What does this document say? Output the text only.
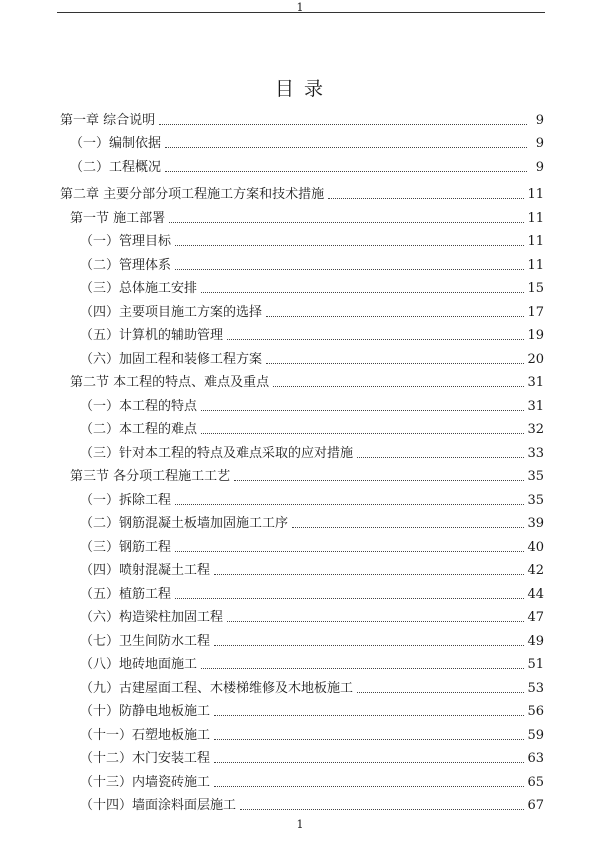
1
目 录
第一章 综合说明	9
（一）编制依据	9
（二）工程概况	9
第二章 主要分部分项工程施工方案和技术措施	11
第一节 施工部署	11
（一）管理目标	11
（二）管理体系	11
（三）总体施工安排	15
（四）主要项目施工方案的选择	17
（五）计算机的辅助管理	19
（六）加固工程和装修工程方案	20
第二节 本工程的特点、难点及重点	31
（一）本工程的特点	31
（二）本工程的难点	32
（三）针对本工程的特点及难点采取的应对措施	33
第三节 各分项工程施工工艺	35
（一）拆除工程	35
（二）钢筋混凝土板墙加固施工工序	39
（三）钢筋工程	40
（四）喷射混凝土工程	42
（五）植筋工程	44
（六）构造梁柱加固工程	47
（七）卫生间防水工程	49
（八）地砖地面施工	51
（九）古建屋面工程、木楼梯维修及木地板施工	53
（十）防静电地板施工	56
（十一）石塑地板施工	59
（十二）木门安装工程	63
（十三）内墙瓷砖施工	65
（十四）墙面涂料面层施工	67
1
